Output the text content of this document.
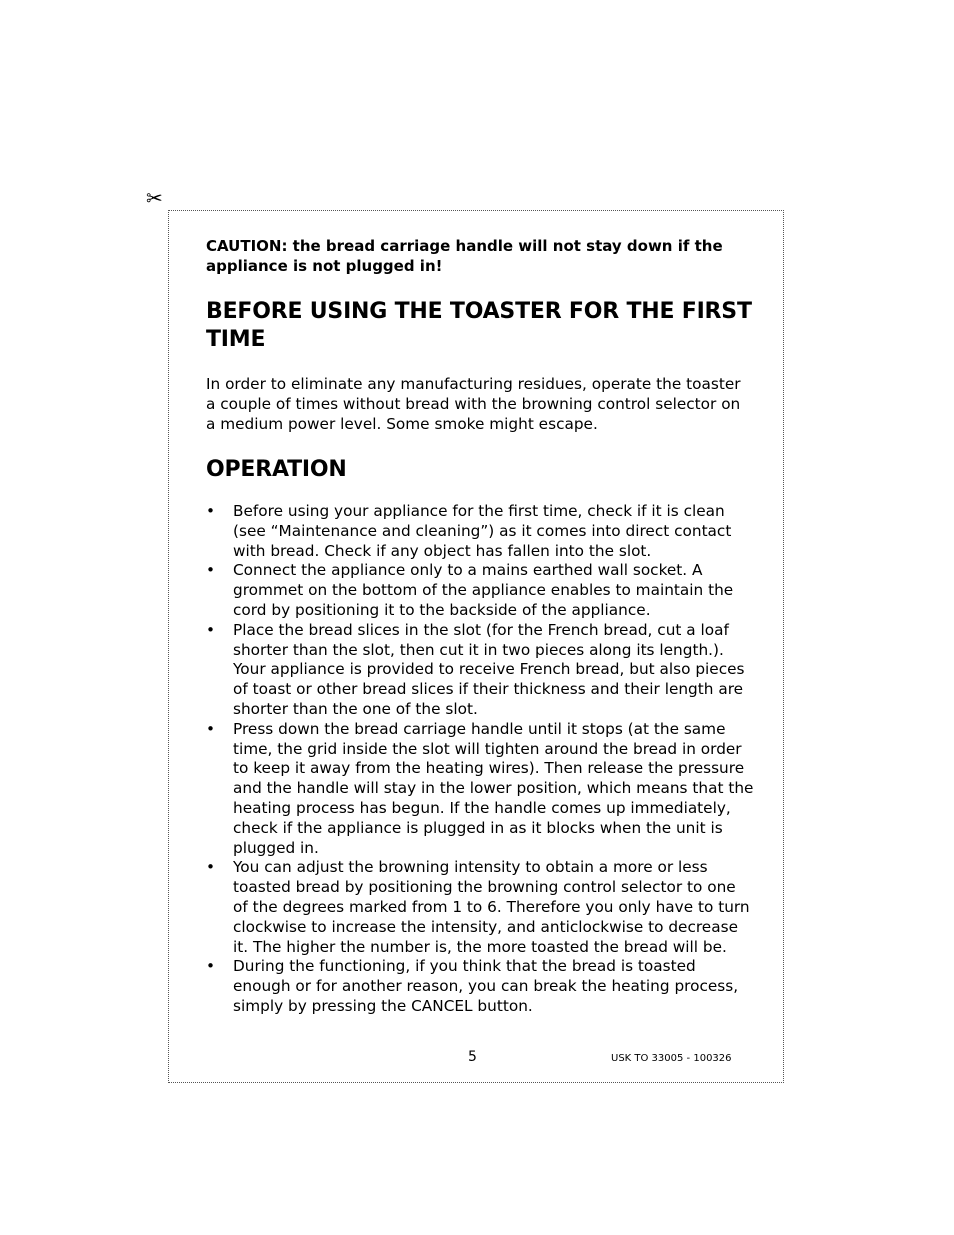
✂

CAUTION: the bread carriage handle will not stay down if the appliance is not plugged in!

BEFORE USING THE TOASTER FOR THE FIRST TIME

In order to eliminate any manufacturing residues, operate the toaster a couple of times without bread with the browning control selector on a medium power level. Some smoke might escape.

OPERATION
• Before using your appliance for the first time, check if it is clean (see “Maintenance and cleaning”) as it comes into direct contact with bread. Check if any object has fallen into the slot.
• Connect the appliance only to a mains earthed wall socket. A grommet on the bottom of the appliance enables to maintain the cord by positioning it to the backside of the appliance.
• Place the bread slices in the slot (for the French bread, cut a loaf shorter than the slot, then cut it in two pieces along its length.). Your appliance is provided to receive French bread, but also pieces of toast or other bread slices if their thickness and their length are shorter than the one of the slot.
• Press down the bread carriage handle until it stops (at the same time, the grid inside the slot will tighten around the bread in order to keep it away from the heating wires). Then release the pressure and the handle will stay in the lower position, which means that the heating process has begun. If the handle comes up immediately, check if the appliance is plugged in as it blocks when the unit is plugged in.
• You can adjust the browning intensity to obtain a more or less toasted bread by positioning the browning control selector to one of the degrees marked from 1 to 6. Therefore you only have to turn clockwise to increase the intensity, and anticlockwise to decrease it. The higher the number is, the more toasted the bread will be.
• During the functioning, if you think that the bread is toasted enough or for another reason, you can break the heating process, simply by pressing the CANCEL button.
5	USK TO 33005 - 100326
